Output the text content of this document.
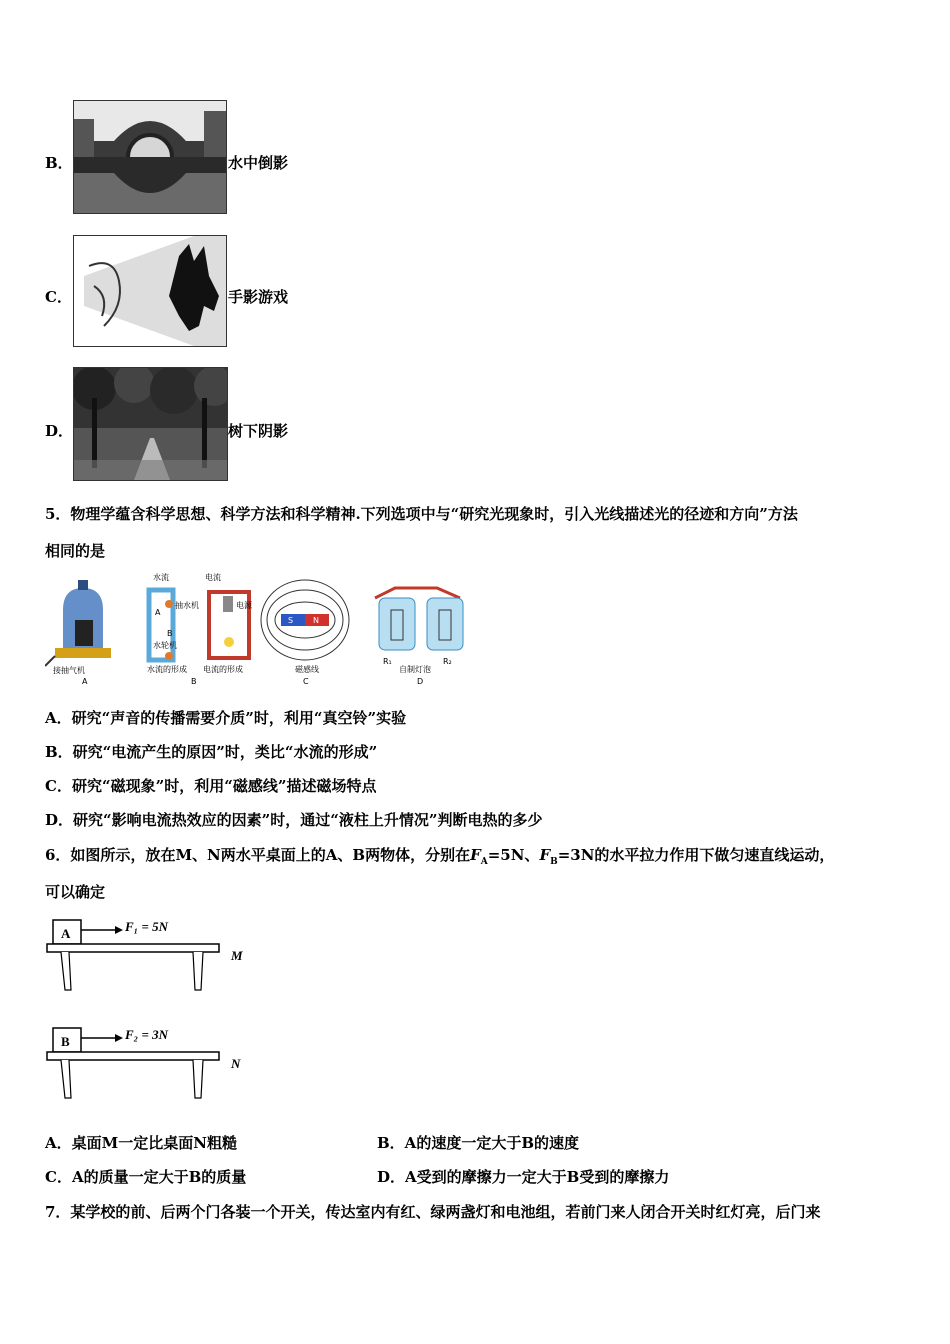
B．	水中倒影
C．	手影游戏
D．	树下阴影
5．物理学蕴含科学思想、科学方法和科学精神.下列选项中与“研究光现象时，引入光线描述光的径迹和方向”方法
相同的是
接抽气机
A
水流	电流
抽水机
A
B
水轮机
电源
水流的形成 电流的形成
B
S N
磁感线
C
R₁	R₂
自制灯泡
D
A．研究“声音的传播需要介质”时，利用“真空铃”实验
B．研究“电流产生的原因”时，类比“水流的形成”
C．研究“磁现象”时，利用“磁感线”描述磁场特点
D．研究“影响电流热效应的因素”时，通过“液柱上升情况”判断电热的多少
6．如图所示，放在M、N两水平桌面上的A、B两物体，分别在$F_A=5N$、$F_B=3N$的水平拉力作用下做匀速直线运动，
可以确定
A	F₁ = 5N
M
B	F₂ = 3N
N
A．桌面M一定比桌面N粗糙	B．A的速度一定大于B的速度
C．A的质量一定大于B的质量	D．A受到的摩擦力一定大于B受到的摩擦力
7．某学校的前、后两个门各装一个开关，传达室内有红、绿两盏灯和电池组，若前门来人闭合开关时红灯亮，后门来
